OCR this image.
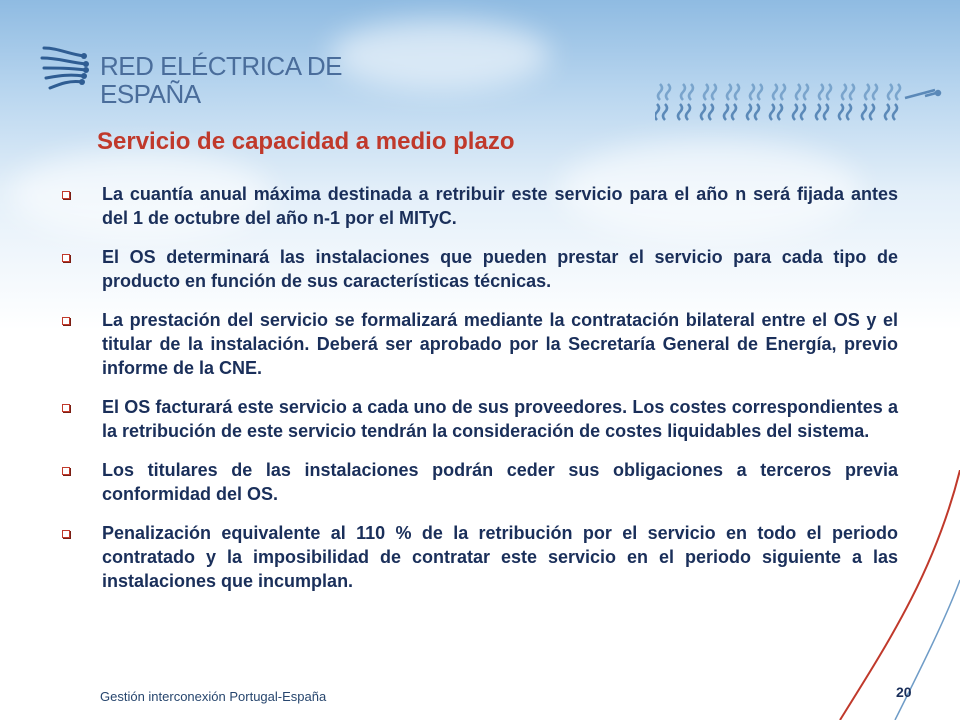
RED ELÉCTRICA DE
ESPAÑA
Servicio de capacidad a medio plazo
La cuantía anual máxima destinada a retribuir este servicio para el año n será fijada antes del 1 de octubre del año n-1 por el MITyC.
El OS determinará las instalaciones que pueden prestar el servicio para cada tipo de producto en función de sus características técnicas.
La prestación del servicio se formalizará mediante la contratación bilateral entre el OS y el titular de la instalación. Deberá ser aprobado por la Secretaría General de Energía, previo informe de la CNE.
El OS facturará este servicio a cada uno de sus proveedores. Los costes correspondientes a la retribución de este servicio tendrán la consideración de costes liquidables del sistema.
Los titulares de las instalaciones podrán ceder sus obligaciones a terceros previa conformidad del OS.
Penalización equivalente al 110 % de la retribución por el servicio en todo el periodo contratado y la imposibilidad de contratar este servicio en el periodo siguiente a las instalaciones que incumplan.
Gestión interconexión Portugal-España	20
